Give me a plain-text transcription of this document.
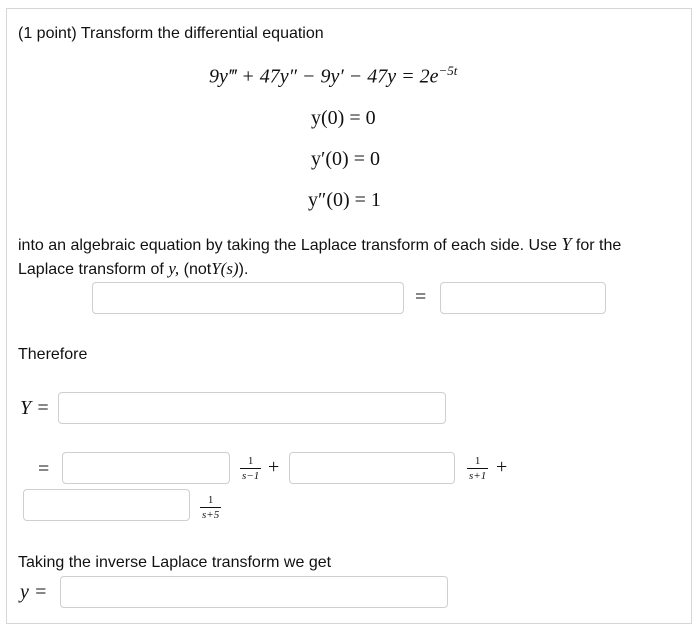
(1 point) Transform the differential equation
9y‴ + $47y'' - 9y' - 47y = 2e^{-5t}$
y(0) = 0
y′(0) = 0
y″(0) = 1
into an algebraic equation by taking the Laplace transform of each side. Use Y for the
Laplace transform of y, (notY(s)).
=
Therefore
Y =
=	$\frac{1}{s-1}$ +	$\frac{1}{s+1}$ +
$\frac{1}{s+5}$
Taking the inverse Laplace transform we get
y =
